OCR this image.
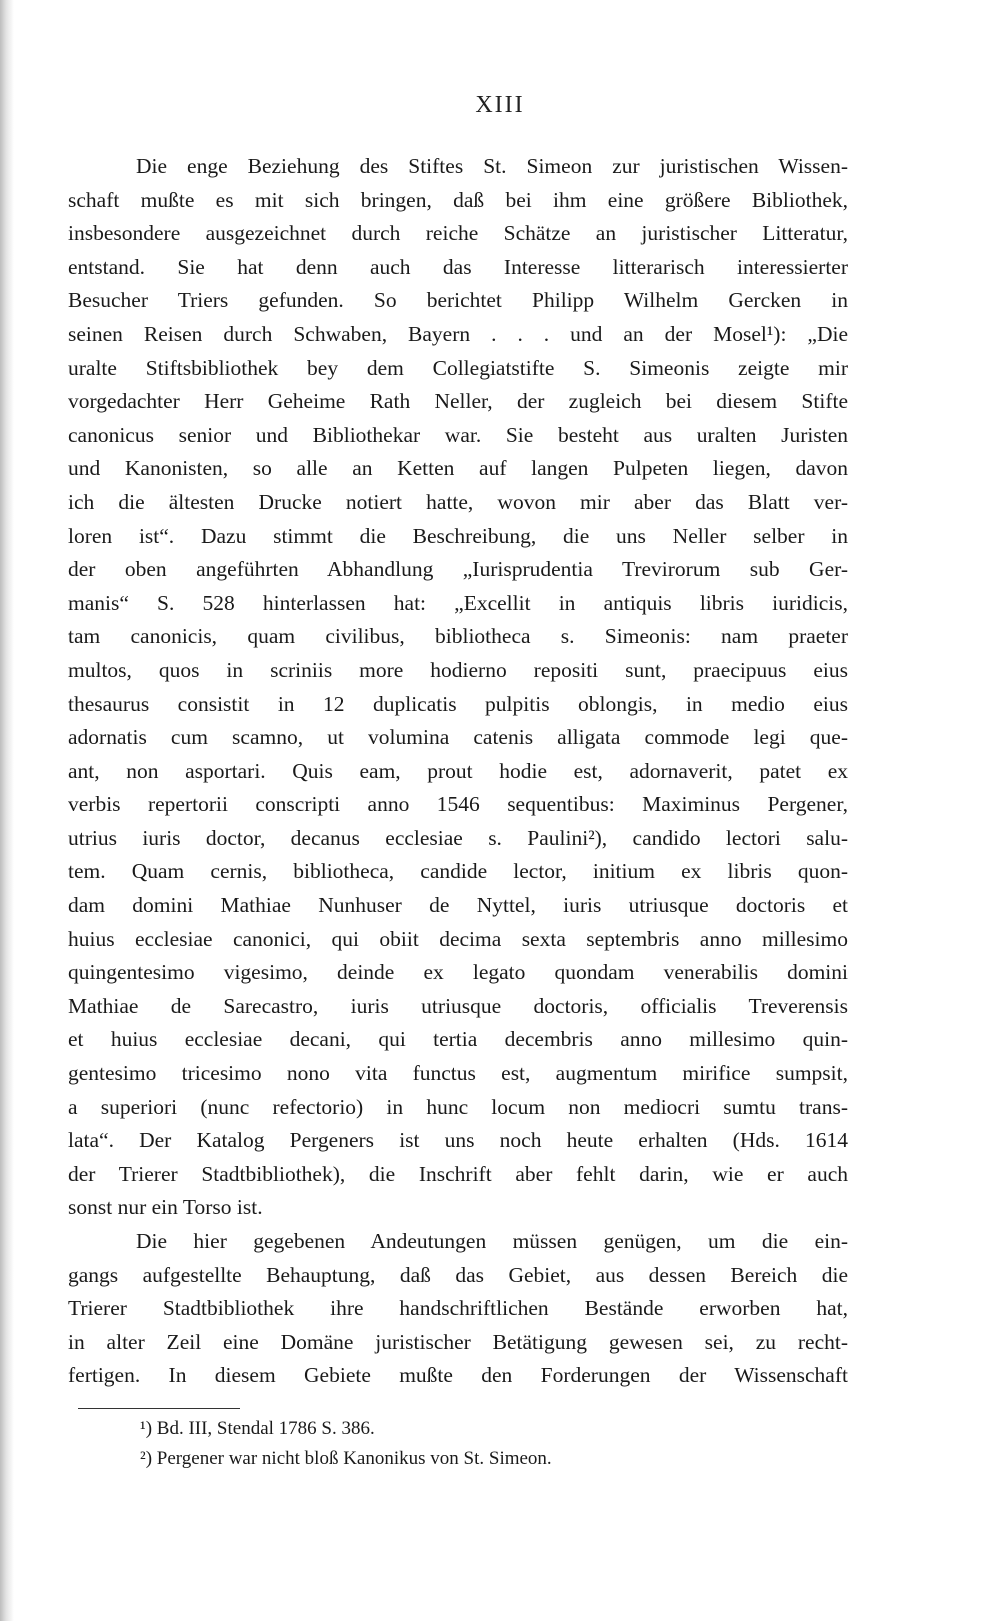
XIII
Die enge Beziehung des Stiftes St. Simeon zur juristischen Wissen-
schaft mußte es mit sich bringen, daß bei ihm eine größere Bibliothek,
insbesondere ausgezeichnet durch reiche Schätze an juristischer Litteratur,
entstand. Sie hat denn auch das Interesse litterarisch interessierter
Besucher Triers gefunden. So berichtet Philipp Wilhelm Gercken in
seinen Reisen durch Schwaben, Bayern . . . und an der Mosel¹): „Die
uralte Stiftsbibliothek bey dem Collegiatstifte S. Simeonis zeigte mir
vorgedachter Herr Geheime Rath Neller, der zugleich bei diesem Stifte
canonicus senior und Bibliothekar war. Sie besteht aus uralten Juristen
und Kanonisten, so alle an Ketten auf langen Pulpeten liegen, davon
ich die ältesten Drucke notiert hatte, wovon mir aber das Blatt ver-
loren ist“. Dazu stimmt die Beschreibung, die uns Neller selber in
der oben angeführten Abhandlung „Iurisprudentia Trevirorum sub Ger-
manis“ S. 528 hinterlassen hat: „Excellit in antiquis libris iuridicis,
tam canonicis, quam civilibus, bibliotheca s. Simeonis: nam praeter
multos, quos in scriniis more hodierno repositi sunt, praecipuus eius
thesaurus consistit in 12 duplicatis pulpitis oblongis, in medio eius
adornatis cum scamno, ut volumina catenis alligata commode legi que-
ant, non asportari. Quis eam, prout hodie est, adornaverit, patet ex
verbis repertorii conscripti anno 1546 sequentibus: Maximinus Pergener,
utrius iuris doctor, decanus ecclesiae s. Paulini²), candido lectori salu-
tem. Quam cernis, bibliotheca, candide lector, initium ex libris quon-
dam domini Mathiae Nunhuser de Nyttel, iuris utriusque doctoris et
huius ecclesiae canonici, qui obiit decima sexta septembris anno millesimo
quingentesimo vigesimo, deinde ex legato quondam venerabilis domini
Mathiae de Sarecastro, iuris utriusque doctoris, officialis Treverensis
et huius ecclesiae decani, qui tertia decembris anno millesimo quin-
gentesimo tricesimo nono vita functus est, augmentum mirifice sumpsit,
a superiori (nunc refectorio) in hunc locum non mediocri sumtu trans-
lata“. Der Katalog Pergeners ist uns noch heute erhalten (Hds. 1614
der Trierer Stadtbibliothek), die Inschrift aber fehlt darin, wie er auch
sonst nur ein Torso ist.
Die hier gegebenen Andeutungen müssen genügen, um die ein-
gangs aufgestellte Behauptung, daß das Gebiet, aus dessen Bereich die
Trierer Stadtbibliothek ihre handschriftlichen Bestände erworben hat,
in alter Zeil eine Domäne juristischer Betätigung gewesen sei, zu recht-
fertigen. In diesem Gebiete mußte den Forderungen der Wissenschaft
¹) Bd. III, Stendal 1786 S. 386.
²) Pergener war nicht bloß Kanonikus von St. Simeon.
